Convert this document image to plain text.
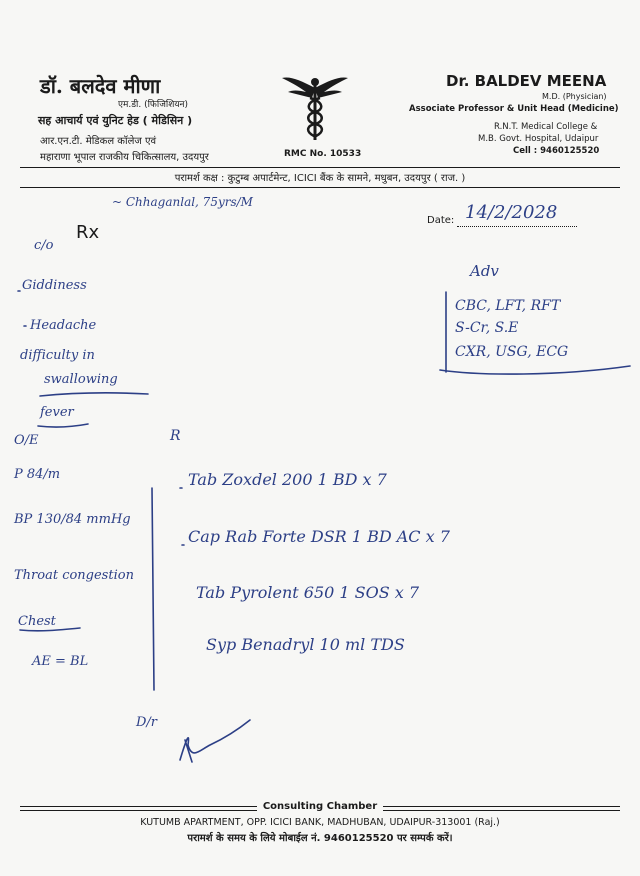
डॉ. बलदेव मीणा
एम.डी. (फिजिशियन)
सह आचार्य एवं युनिट हेड ( मेडिसिन )
आर.एन.टी. मेडिकल कॉलेज एवं
महाराणा भूपाल राजकीय चिकित्सालय, उदयपुर	RMC No. 10533
Dr. BALDEV MEENA
M.D. (Physician)
Associate Professor & Unit Head (Medicine)
R.N.T. Medical College &
M.B. Govt. Hospital, Udaipur
Cell : 9460125520
परामर्श कक्ष : कुटुम्ब अपार्टमेन्ट, ICICI बैंक के सामने, मधुबन, उदयपुर ( राज. )
Date: 14/2/2028
Rx
~ Chhaganlal, 75yrs/M
c/o
Giddiness
Headache
difficulty in
swallowing
fever
O/E
P 84/m
BP 130/84 mmHg
Throat congestion
Chest
AE = BL
Adv
CBC, LFT, RFT
S-Cr, S.E
CXR, USG, ECG
R
Tab Zoxdel 200 1 BD x 7
Cap Rab Forte DSR 1 BD AC x 7
Tab Pyrolent 650 1 SOS x 7
Syp Benadryl 10 ml TDS
D/r
Consulting Chamber
KUTUMB APARTMENT, OPP. ICICI BANK, MADHUBAN, UDAIPUR-313001 (Raj.)
परामर्श के समय के लिये मोबाईल नं. 9460125520 पर सम्पर्क करें।
